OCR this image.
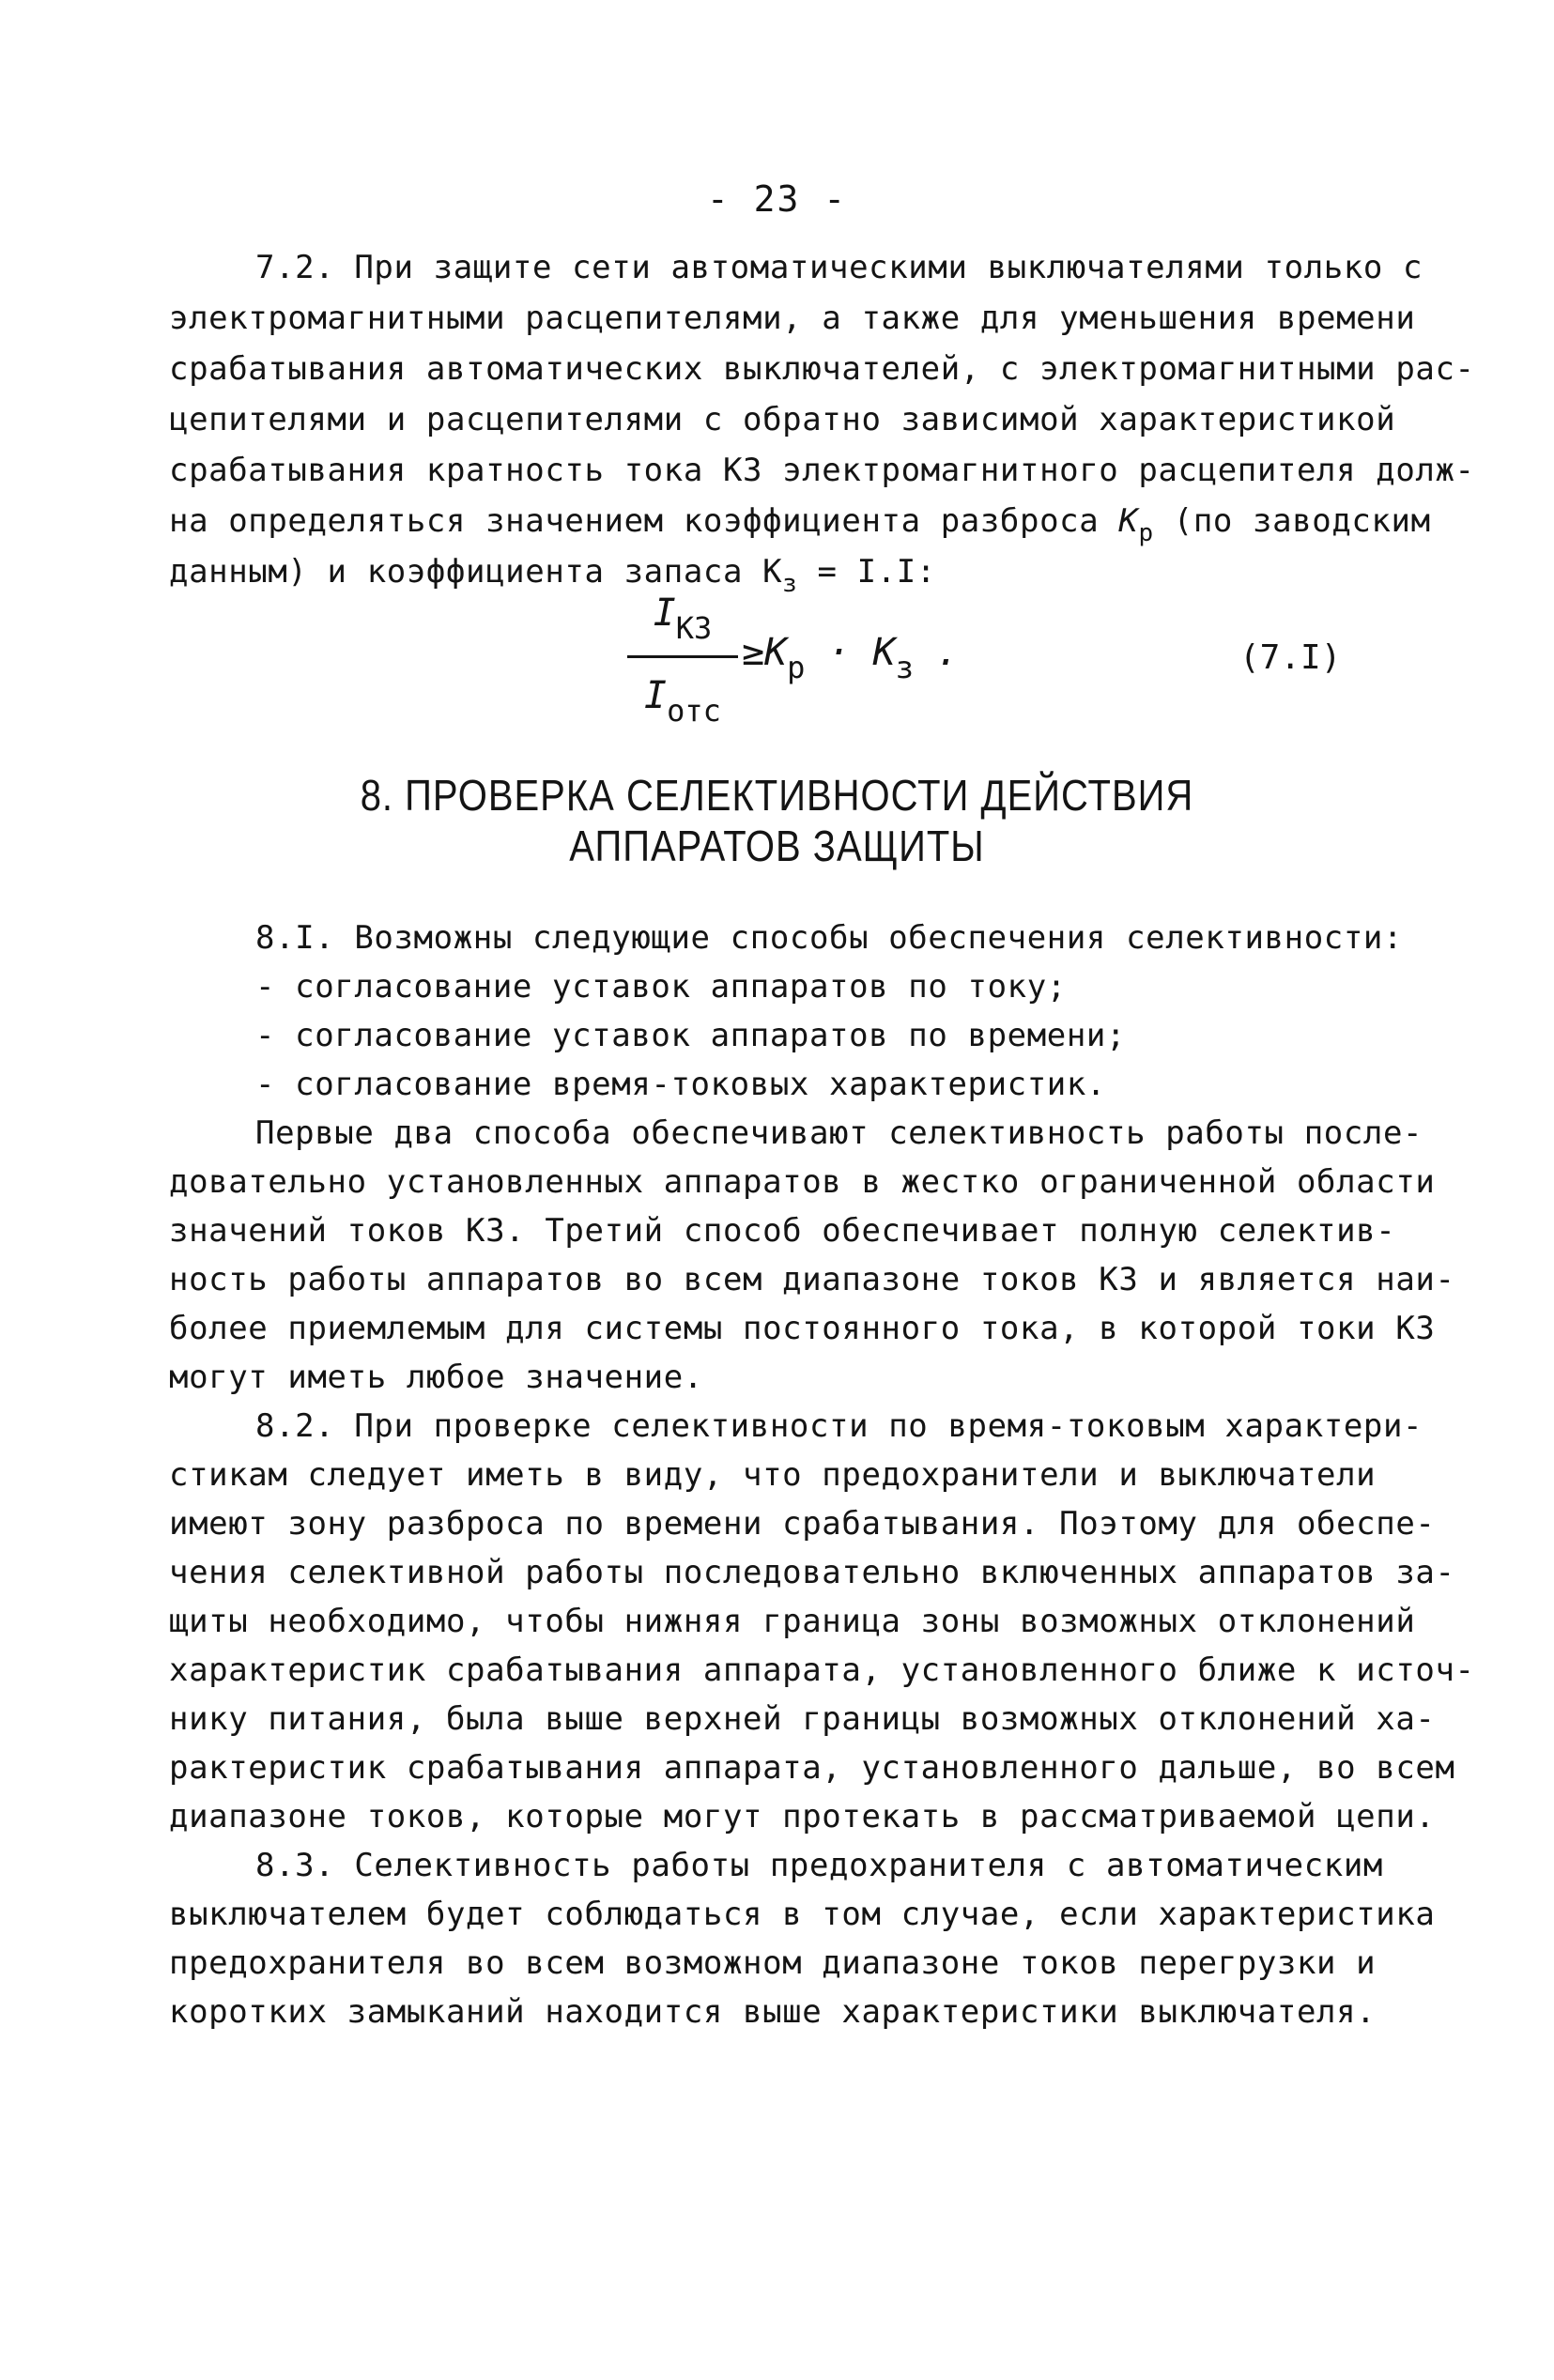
- 23 -
7.2. При защите сети автоматическими выключателями только с
электромагнитными расцепителями, а также для уменьшения времени
срабатывания автоматических выключателей, с электромагнитными рас-
цепителями и расцепителями с обратно зависимой характеристикой
срабатывания кратность тока КЗ электромагнитного расцепителя долж-
на определяться значением коэффициента разброса $К_р$ (по заводским
данным) и коэффициента запаса $К_з = I.I$:
$I_{КЗ}$
$I_{отс}$
$\ge К_р \cdot К_з$ .	(7.I)
8. ПРОВЕРКА СЕЛЕКТИВНОСТИ ДЕЙСТВИЯ
АППАРАТОВ ЗАЩИТЫ
8.I. Возможны следующие способы обеспечения селективности:
- согласование уставок аппаратов по току;
- согласование уставок аппаратов по времени;
- согласование время-токовых характеристик.
Первые два способа обеспечивают селективность работы после-
довательно установленных аппаратов в жестко ограниченной области
значений токов КЗ. Третий способ обеспечивает полную селектив-
ность работы аппаратов во всем диапазоне токов КЗ и является наи-
более приемлемым для системы постоянного тока, в которой токи КЗ
могут иметь любое значение.
8.2. При проверке селективности по время-токовым характери-
стикам следует иметь в виду, что предохранители и выключатели
имеют зону разброса по времени срабатывания. Поэтому для обеспе-
чения селективной работы последовательно включенных аппаратов за-
щиты необходимо, чтобы нижняя граница зоны возможных отклонений
характеристик срабатывания аппарата, установленного ближе к источ-
нику питания, была выше верхней границы возможных отклонений ха-
рактеристик срабатывания аппарата, установленного дальше, во всем
диапазоне токов, которые могут протекать в рассматриваемой цепи.
8.3. Селективность работы предохранителя с автоматическим
выключателем будет соблюдаться в том случае, если характеристика
предохранителя во всем возможном диапазоне токов перегрузки и
коротких замыканий находится выше характеристики выключателя.
